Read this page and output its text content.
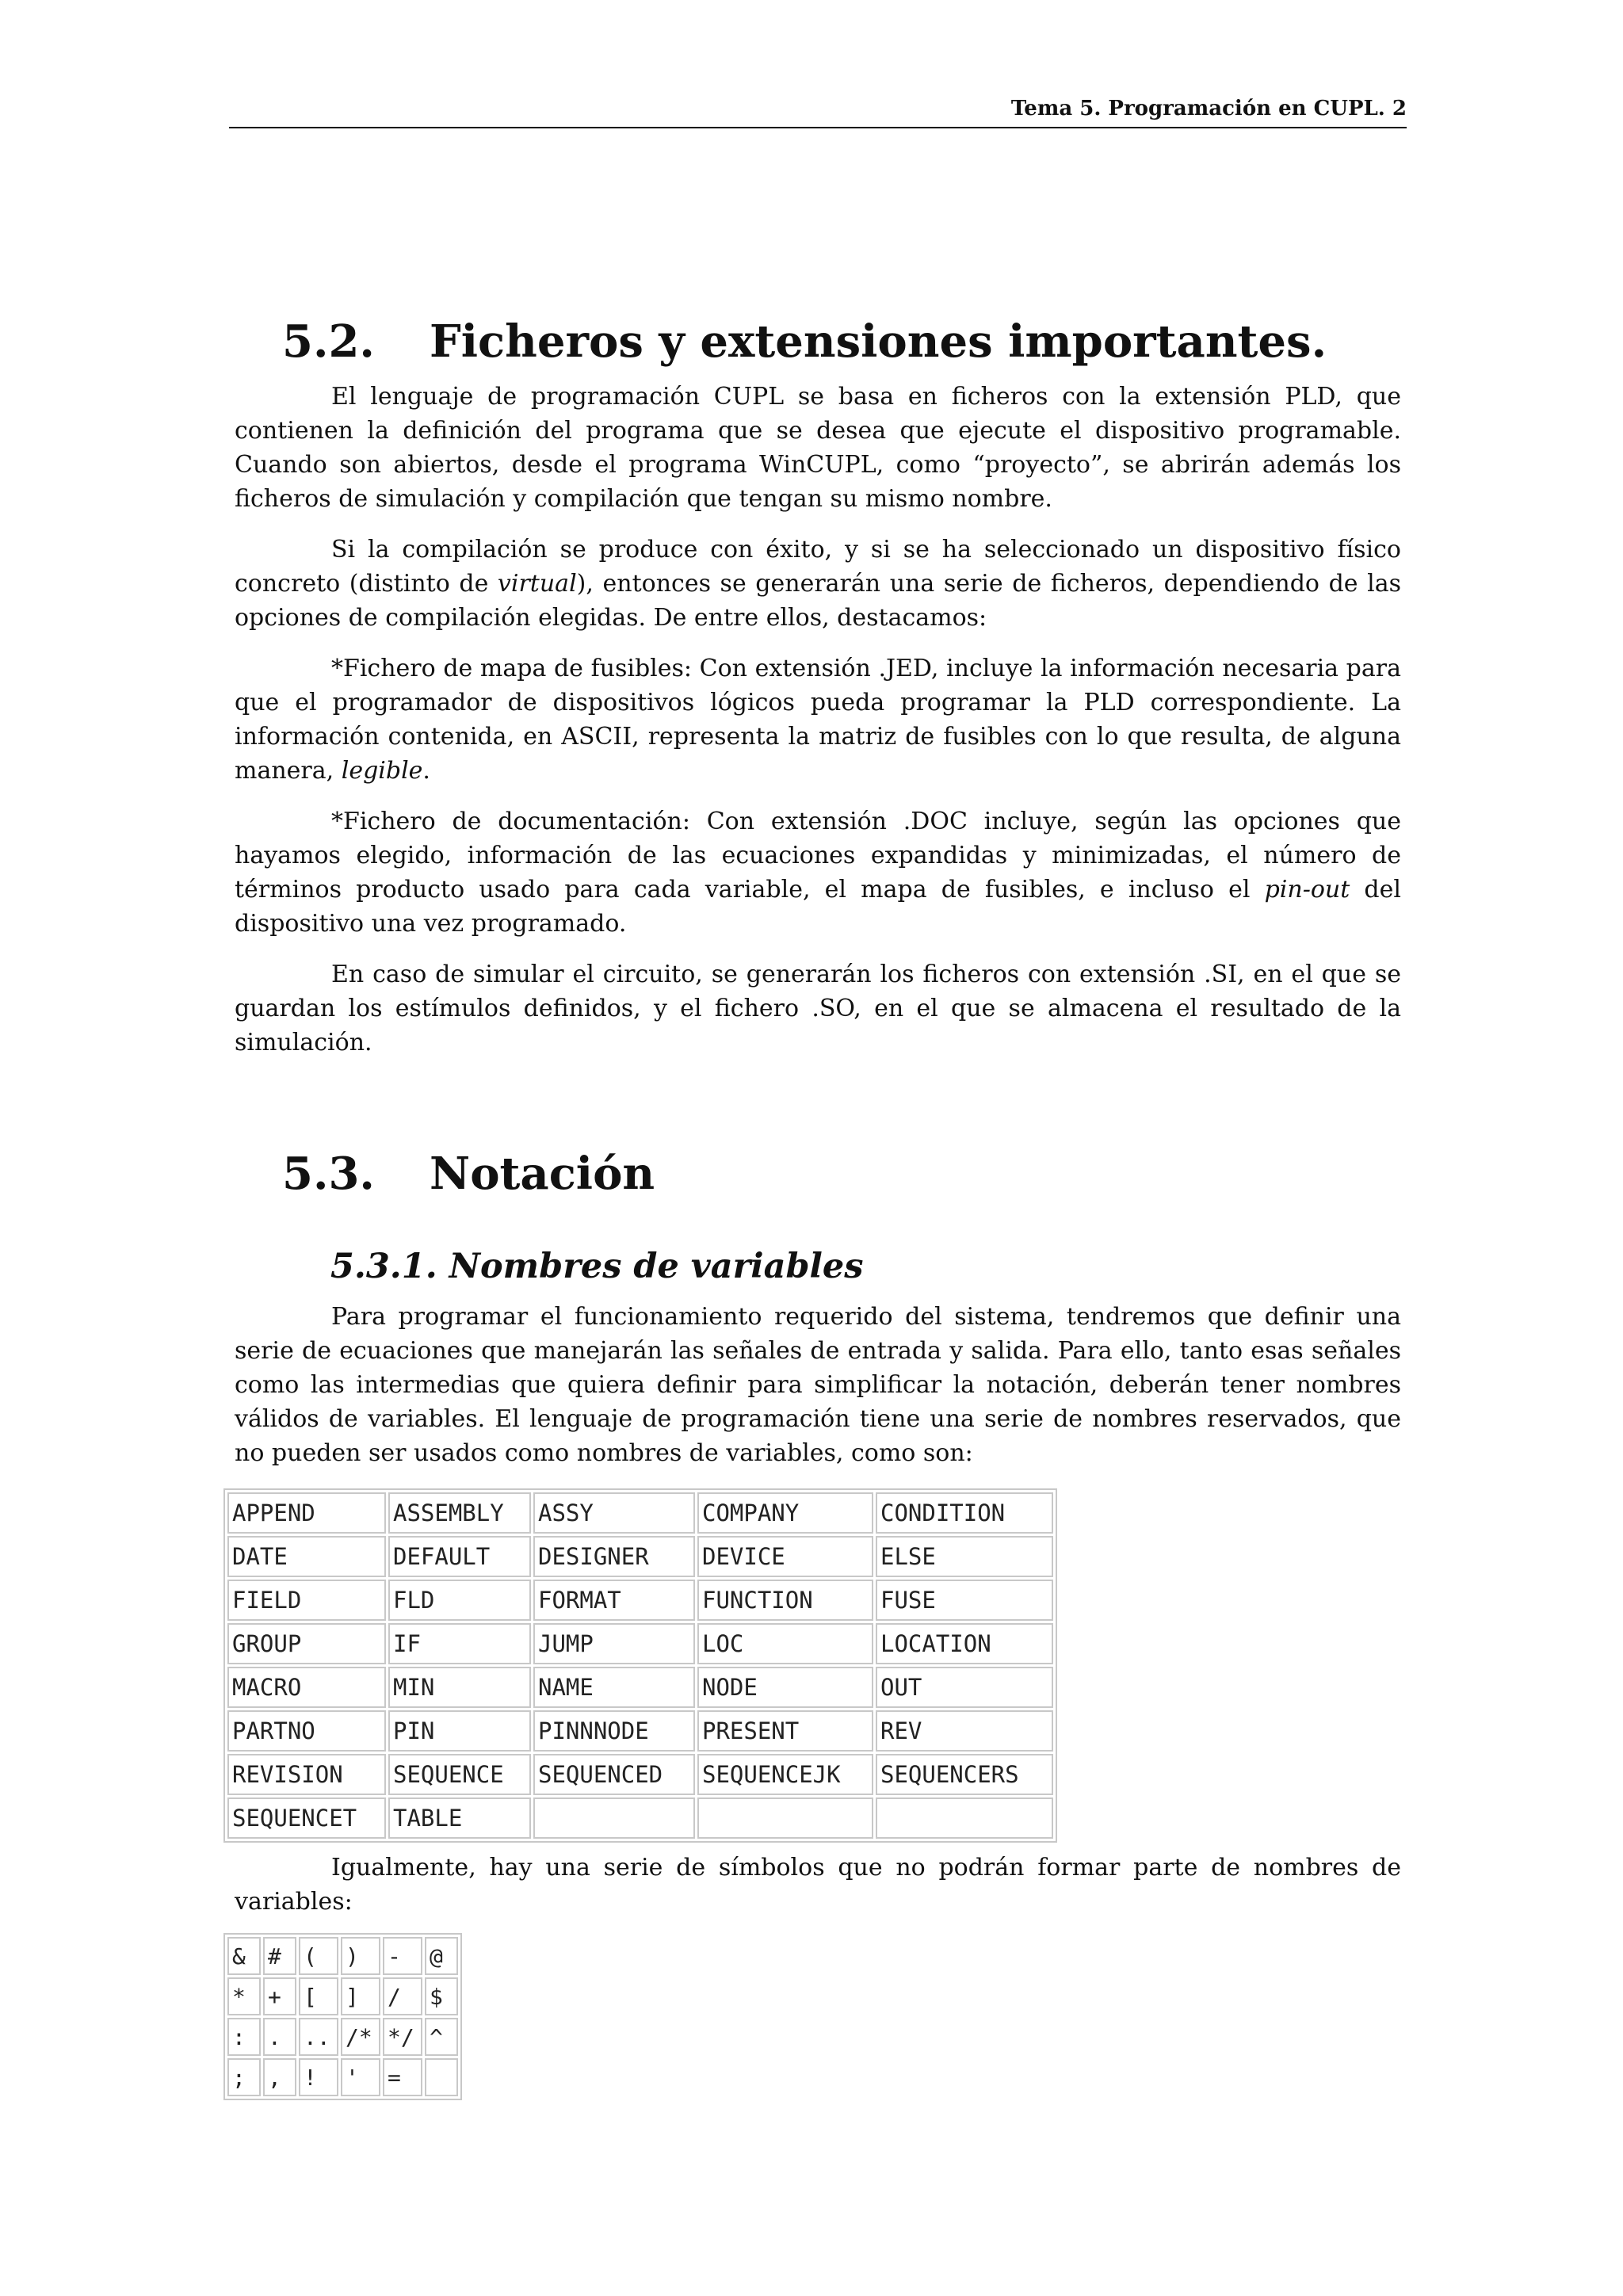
Tema 5. Programación en CUPL. 2
5.2. Ficheros y extensiones importantes.
El lenguaje de programación CUPL se basa en ficheros con la extensión PLD, que contienen la definición del programa que se desea que ejecute el dispositivo programable. Cuando son abiertos, desde el programa WinCUPL, como “proyecto”, se abrirán además los ficheros de simulación y compilación que tengan su mismo nombre.
Si la compilación se produce con éxito, y si se ha seleccionado un dispositivo físico concreto (distinto de virtual), entonces se generarán una serie de ficheros, dependiendo de las opciones de compilación elegidas. De entre ellos, destacamos:
*Fichero de mapa de fusibles: Con extensión .JED, incluye la información necesaria para que el programador de dispositivos lógicos pueda programar la PLD correspondiente. La información contenida, en ASCII, representa la matriz de fusibles con lo que resulta, de alguna manera, legible.
*Fichero de documentación: Con extensión .DOC incluye, según las opciones que hayamos elegido, información de las ecuaciones expandidas y minimizadas, el número de términos producto usado para cada variable, el mapa de fusibles, e incluso el pin-out del dispositivo una vez programado.
En caso de simular el circuito, se generarán los ficheros con extensión .SI, en el que se guardan los estímulos definidos, y el fichero .SO, en el que se almacena el resultado de la simulación.
5.3. Notación
5.3.1. Nombres de variables
Para programar el funcionamiento requerido del sistema, tendremos que definir una serie de ecuaciones que manejarán las señales de entrada y salida. Para ello, tanto esas señales como las intermedias que quiera definir para simplificar la notación, deberán tener nombres válidos de variables. El lenguaje de programación tiene una serie de nombres reservados, que no pueden ser usados como nombres de variables, como son:
APPEND	ASSEMBLY	ASSY	COMPANY	CONDITION
DATE	DEFAULT	DESIGNER	DEVICE	ELSE
FIELD	FLD	FORMAT	FUNCTION	FUSE
GROUP	IF	JUMP	LOC	LOCATION
MACRO	MIN	NAME	NODE	OUT
PARTNO	PIN	PINNNODE	PRESENT	REV
REVISION	SEQUENCE	SEQUENCED	SEQUENCEJK	SEQUENCERS
SEQUENCET	TABLE			
Igualmente, hay una serie de símbolos que no podrán formar parte de nombres de variables:
&	#	(	)	-	@
*	+	[	]	/	$
:	.	..	/*	*/	^
;	,	!	'	=	
